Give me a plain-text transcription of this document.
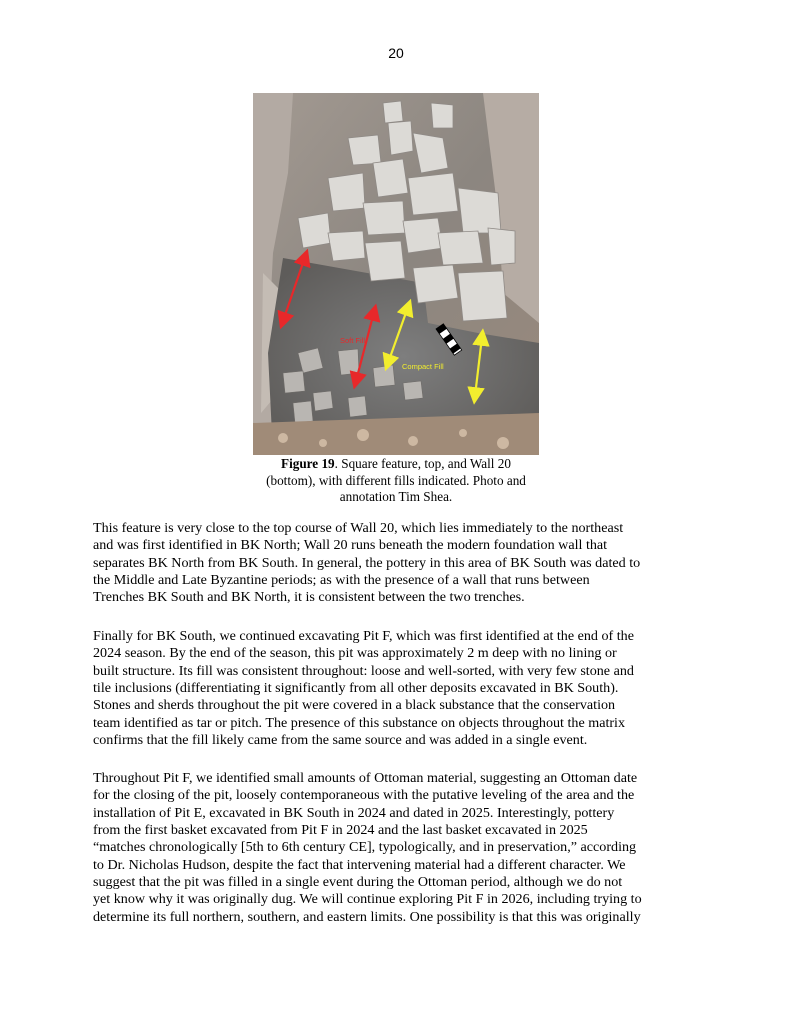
20
Soft Fill
Compact Fill
Figure 19. Square feature, top, and Wall 20
(bottom), with different fills indicated. Photo and
annotation Tim Shea.
This feature is very close to the top course of Wall 20, which lies immediately to the northeast
and was first identified in BK North; Wall 20 runs beneath the modern foundation wall that
separates BK North from BK South. In general, the pottery in this area of BK South was dated to
the Middle and Late Byzantine periods; as with the presence of a wall that runs between
Trenches BK South and BK North, it is consistent between the two trenches.
Finally for BK South, we continued excavating Pit F, which was first identified at the end of the
2024 season. By the end of the season, this pit was approximately 2 m deep with no lining or
built structure. Its fill was consistent throughout: loose and well-sorted, with very few stone and
tile inclusions (differentiating it significantly from all other deposits excavated in BK South).
Stones and sherds throughout the pit were covered in a black substance that the conservation
team identified as tar or pitch. The presence of this substance on objects throughout the matrix
confirms that the fill likely came from the same source and was added in a single event.
Throughout Pit F, we identified small amounts of Ottoman material, suggesting an Ottoman date
for the closing of the pit, loosely contemporaneous with the putative leveling of the area and the
installation of Pit E, excavated in BK South in 2024 and dated in 2025. Interestingly, pottery
from the first basket excavated from Pit F in 2024 and the last basket excavated in 2025
“matches chronologically [5th to 6th century CE], typologically, and in preservation,” according
to Dr. Nicholas Hudson, despite the fact that intervening material had a different character. We
suggest that the pit was filled in a single event during the Ottoman period, although we do not
yet know why it was originally dug. We will continue exploring Pit F in 2026, including trying to
determine its full northern, southern, and eastern limits. One possibility is that this was originally
